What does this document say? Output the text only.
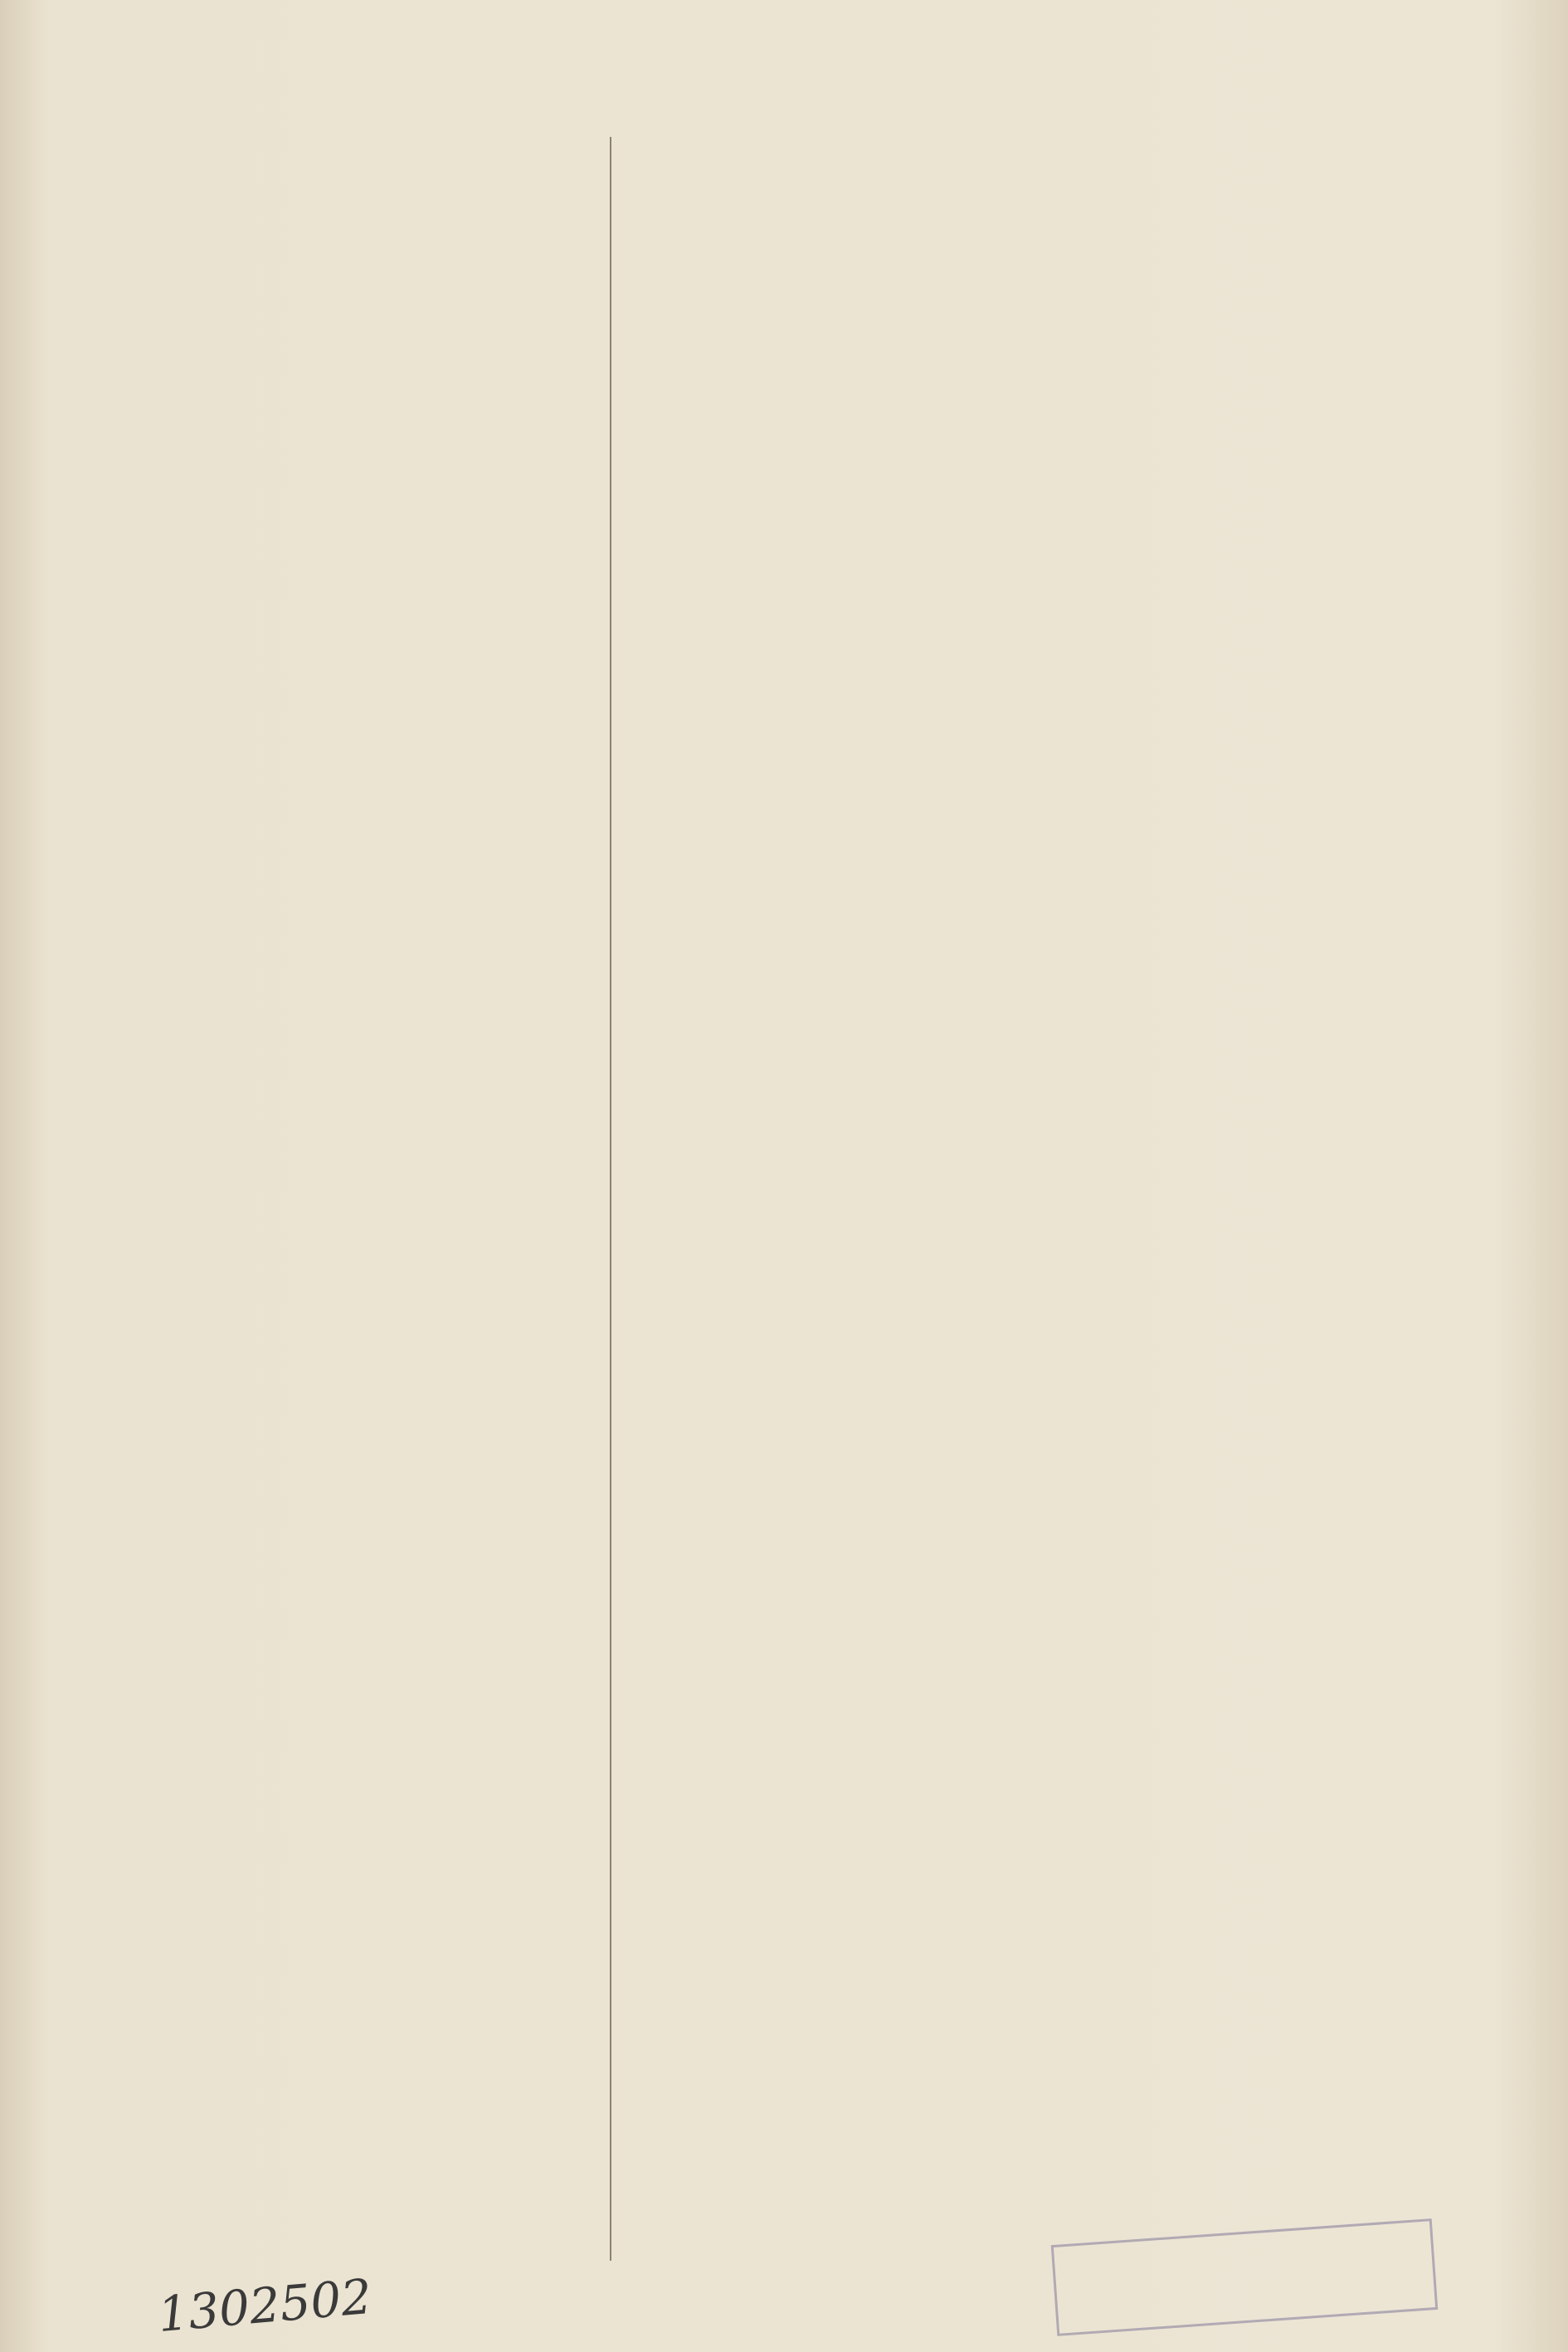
1302502
